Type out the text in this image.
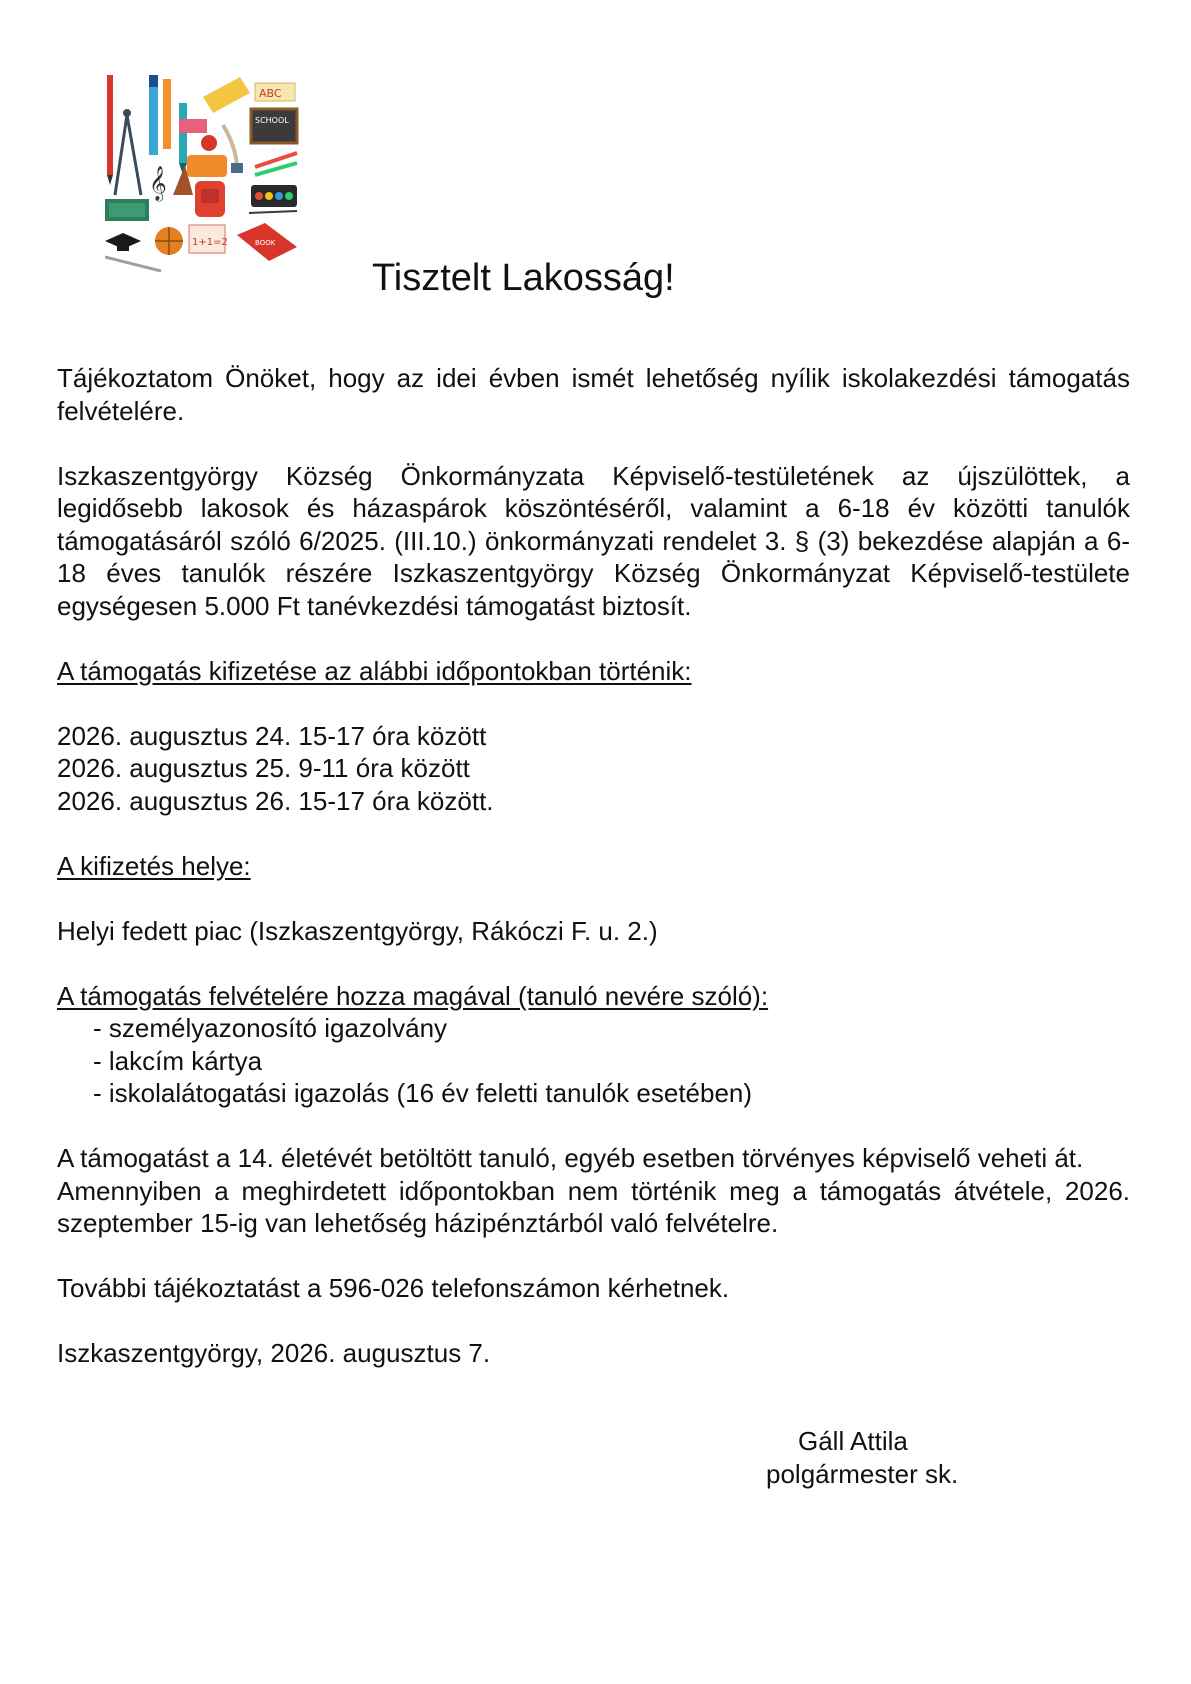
ABC
SCHOOL
𝄞
1+1=2	BOOK
Tisztelt Lakosság!

Tájékoztatom Önöket, hogy az idei évben ismét lehetőség nyílik iskolakezdési támogatás felvételére.

Iszkaszentgyörgy Község Önkormányzata Képviselő-testületének az újszülöttek, a legidősebb lakosok és házaspárok köszöntéséről, valamint a 6-18 év közötti tanulók támogatásáról szóló 6/2025. (III.10.) önkormányzati rendelet 3. § (3) bekezdése alapján a 6-18 éves tanulók részére Iszkaszentgyörgy Község Önkormányzat Képviselő-testülete egységesen 5.000 Ft tanévkezdési támogatást biztosít.

A támogatás kifizetése az alábbi időpontokban történik:

2026. augusztus 24. 15-17 óra között

2026. augusztus 25. 9-11 óra között

2026. augusztus 26. 15-17 óra között.

A kifizetés helye:

Helyi fedett piac (Iszkaszentgyörgy, Rákóczi F. u. 2.)

A támogatás felvételére hozza magával (tanuló nevére szóló):

- személyazonosító igazolvány
- lakcím kártya
- iskolalátogatási igazolás (16 év feletti tanulók esetében)

A támogatást a 14. életévét betöltött tanuló, egyéb esetben törvényes képviselő veheti át.

Amennyiben a meghirdetett időpontokban nem történik meg a támogatás átvétele, 2026. szeptember 15-ig van lehetőség házipénztárból való felvételre.

További tájékoztatást a 596-026 telefonszámon kérhetnek.

Iszkaszentgyörgy, 2026. augusztus 7.

Gáll Attila
polgármester sk.
